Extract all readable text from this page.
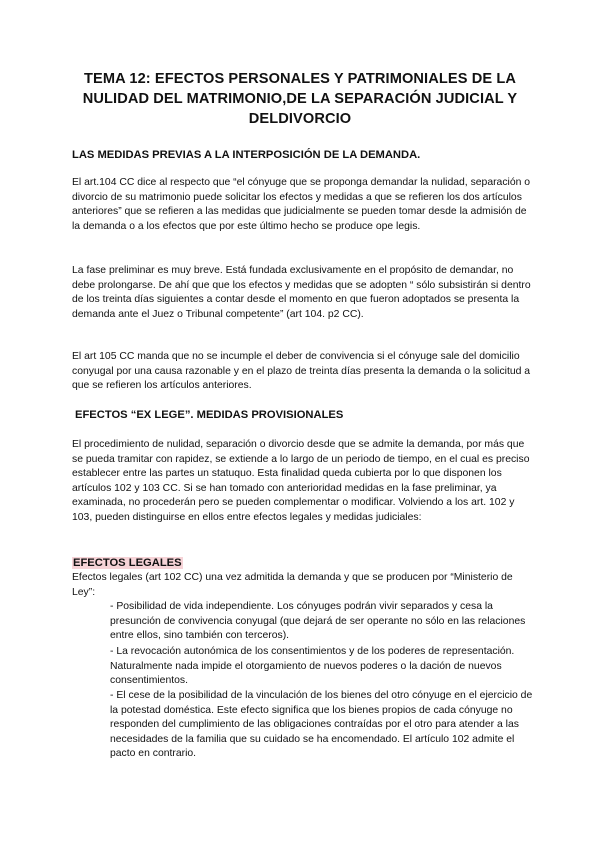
TEMA 12: EFECTOS PERSONALES Y PATRIMONIALES DE LA NULIDAD DEL MATRIMONIO,DE LA SEPARACIÓN JUDICIAL Y DELDIVORCIO
LAS MEDIDAS PREVIAS A LA INTERPOSICIÓN DE LA DEMANDA.
El art.104 CC dice al respecto que “el cónyuge que se proponga demandar la nulidad, separación o divorcio de su matrimonio puede solicitar los efectos y medidas a que se refieren los dos artículos anteriores” que se refieren a las medidas que judicialmente se pueden tomar desde la admisión de la demanda o a los efectos que por este último hecho se produce ope legis.
La fase preliminar es muy breve. Está fundada exclusivamente en el propósito de demandar, no debe prolongarse. De ahí que que los efectos y medidas que se adopten “ sólo subsistirán si dentro de los treinta días siguientes a contar desde el momento en que fueron adoptados se presenta la demanda ante el Juez o Tribunal competente” (art 104. p2 CC).
El art 105 CC manda que no se incumple el deber de convivencia si el cónyuge sale del domicilio conyugal por una causa razonable y en el plazo de treinta días presenta la demanda o la solicitud a que se refieren los artículos anteriores.
EFECTOS “EX LEGE”. MEDIDAS PROVISIONALES
El procedimiento de nulidad, separación o divorcio desde que se admite la demanda, por más que se pueda tramitar con rapidez, se extiende a lo largo de un periodo de tiempo, en el cual es preciso establecer entre las partes un statuquo. Esta finalidad queda cubierta por lo que disponen los artículos 102 y 103 CC. Si se han tomado con anterioridad medidas en la fase preliminar, ya examinada, no procederán pero se pueden complementar o modificar. Volviendo a los art. 102 y 103, pueden distinguirse en ellos entre efectos legales y medidas judiciales:
EFECTOS LEGALES
Efectos legales (art 102 CC) una vez admitida la demanda y que se producen por “Ministerio de Ley”:
- Posibilidad de vida independiente. Los cónyuges podrán vivir separados y cesa la presunción de convivencia conyugal (que dejará de ser operante no sólo en las relaciones entre ellos, sino también con terceros).
- La revocación autonómica de los consentimientos y de los poderes de representación. Naturalmente nada impide el otorgamiento de nuevos poderes o la dación de nuevos consentimientos.
- El cese de la posibilidad de la vinculación de los bienes del otro cónyuge en el ejercicio de la potestad doméstica. Este efecto significa que los bienes propios de cada cónyuge no responden del cumplimiento de las obligaciones contraídas por el otro para atender a las necesidades de la familia que su cuidado se ha encomendado. El artículo 102 admite el pacto en contrario.
